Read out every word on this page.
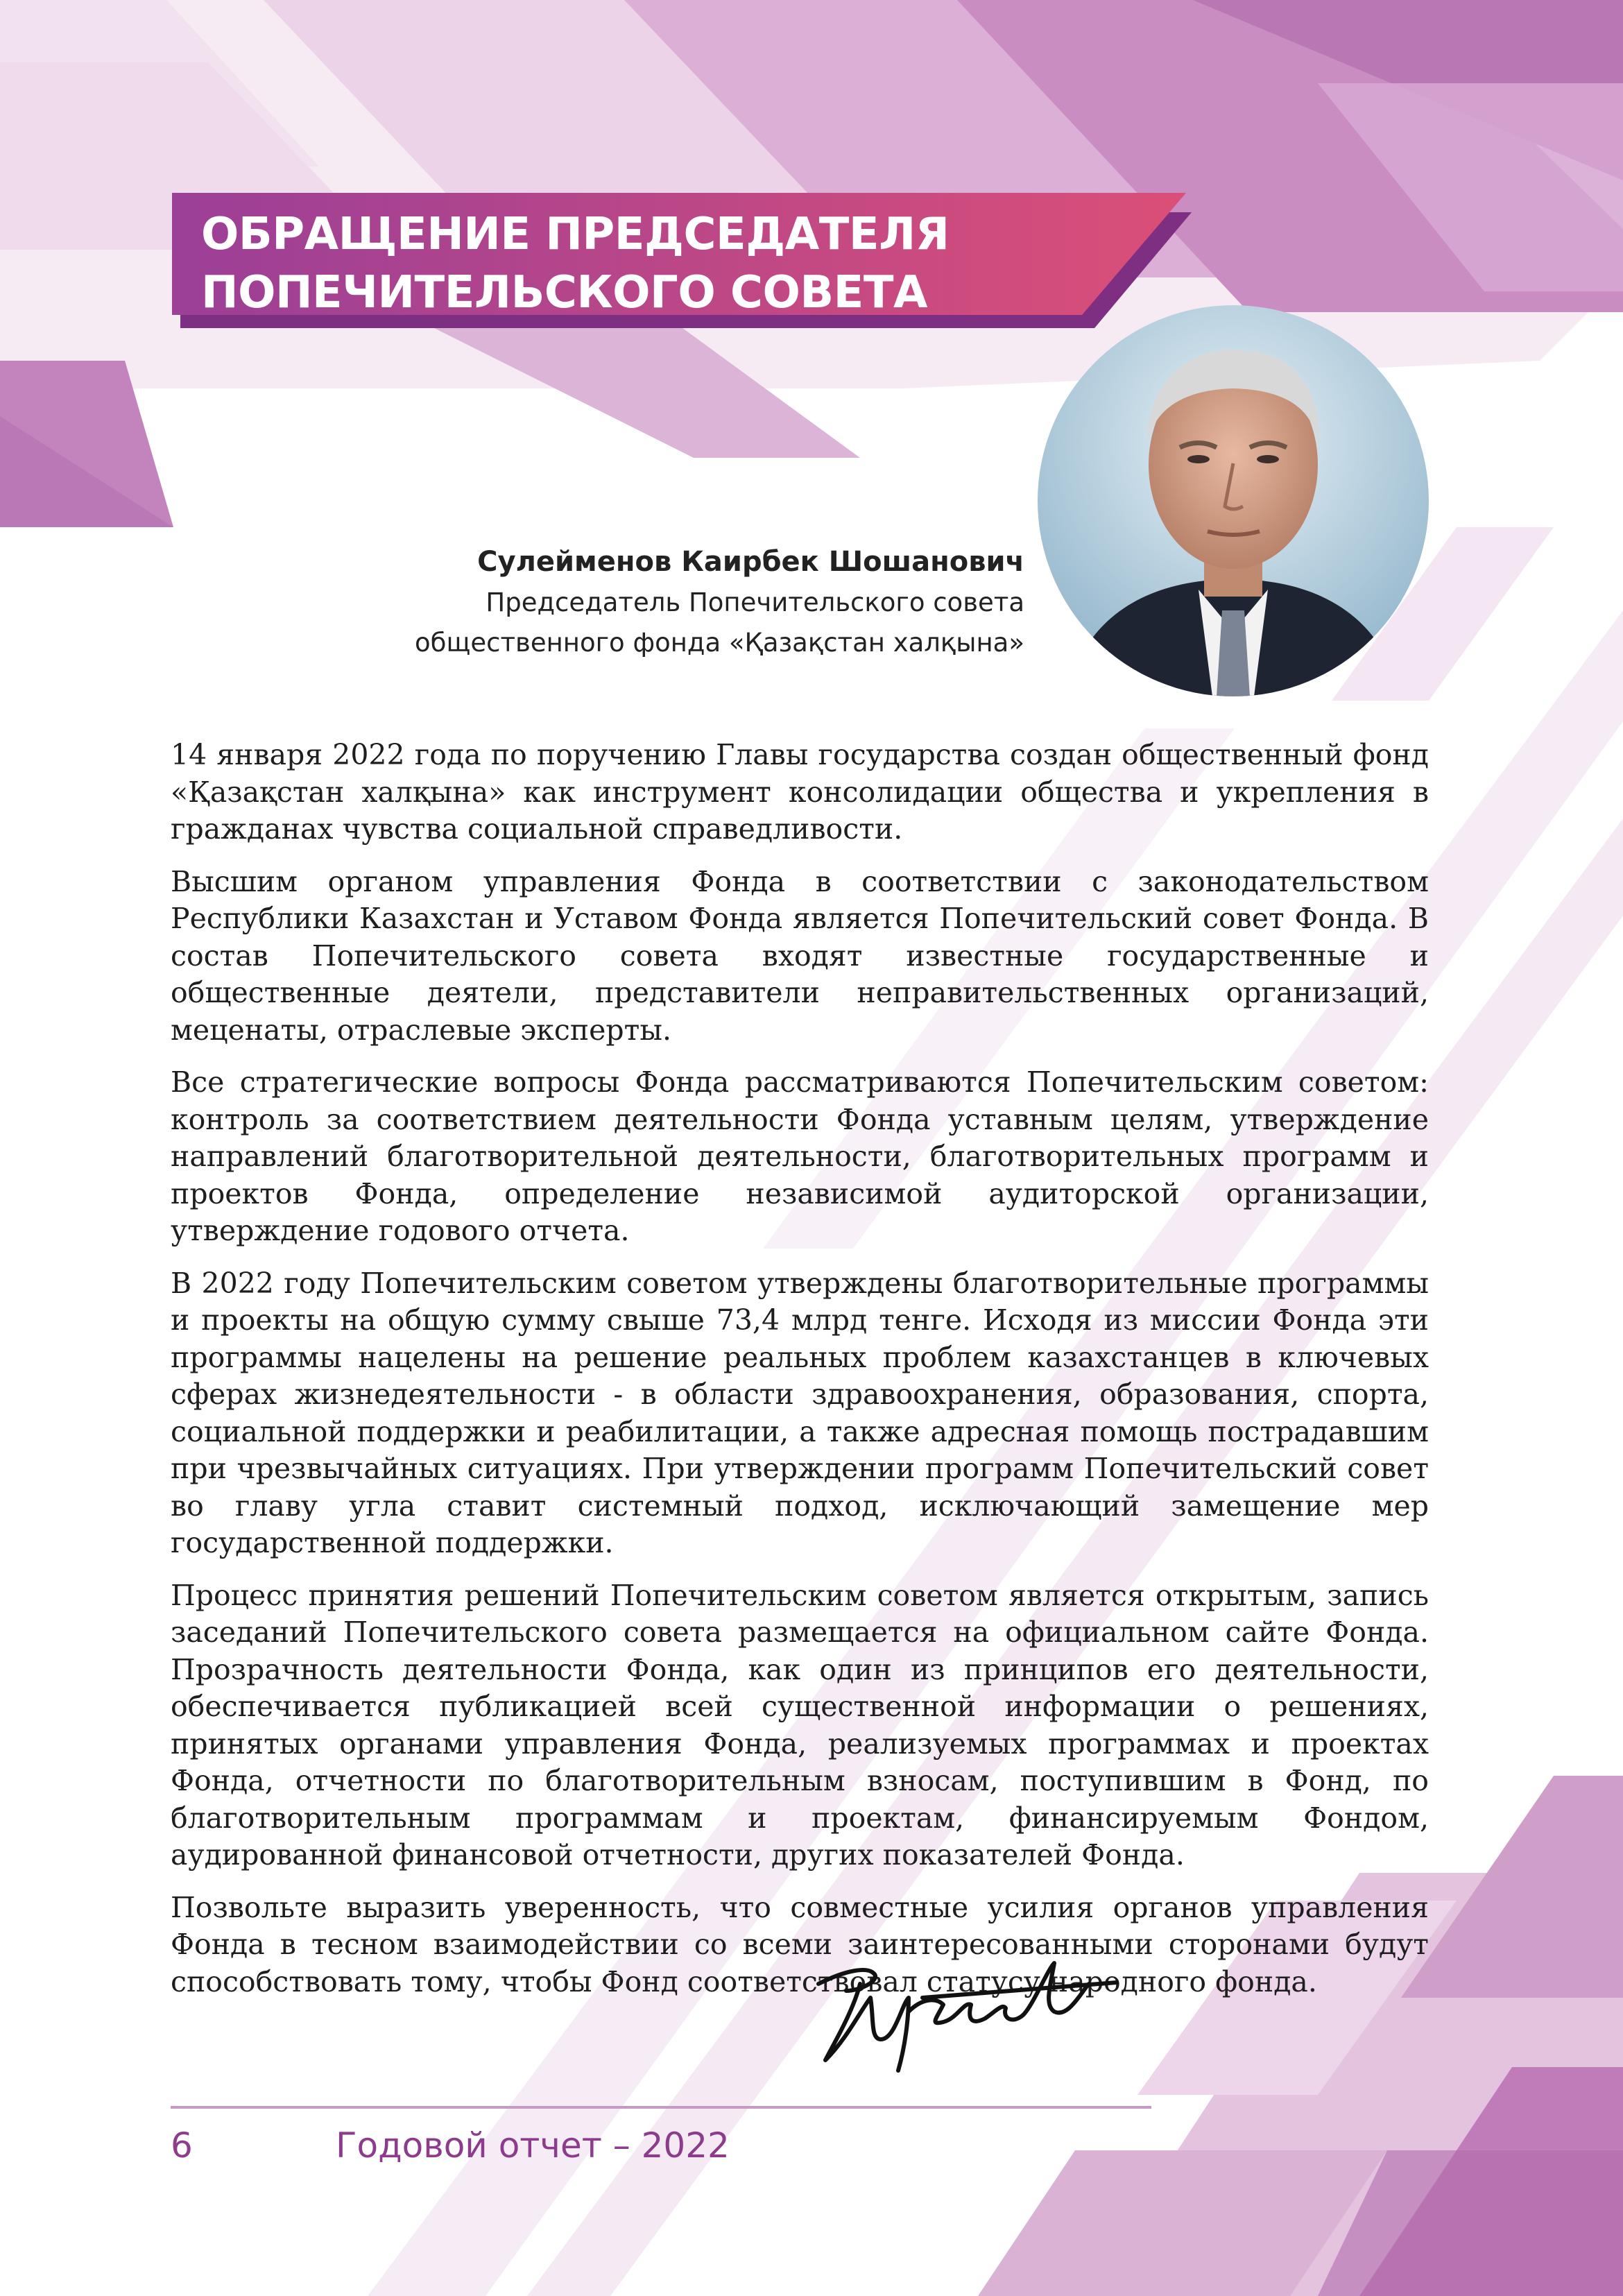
ОБРАЩЕНИЕ ПРЕДСЕДАТЕЛЯ
ПОПЕЧИТЕЛЬСКОГО СОВЕТА
Сулейменов Каирбек Шошанович
Председатель Попечительского совета
общественного фонда «Қазақстан халқына»

14 января 2022 года по поручению Главы государства создан общественный фонд «Қазақстан халқына» как инструмент консолидации общества и укрепления в гражданах чувства социальной справедливости.

Высшим органом управления Фонда в соответствии с законодательством Республики Казахстан и Уставом Фонда является Попечительский совет Фонда. В состав Попечительского совета входят известные государственные и общественные деятели, представители неправительственных организаций, меценаты, отраслевые эксперты.

Все стратегические вопросы Фонда рассматриваются Попечительским советом: контроль за соответствием деятельности Фонда уставным целям, утверждение направлений благотворительной деятельности, благотворительных программ и проектов Фонда, определение независимой аудиторской организации, утверждение годового отчета.

В 2022 году Попечительским советом утверждены благотворительные программы и проекты на общую сумму свыше 73,4 млрд тенге. Исходя из миссии Фонда эти программы нацелены на решение реальных проблем казахстанцев в ключевых сферах жизнедеятельности - в области здравоохранения, образования, спорта, социальной поддержки и реабилитации, а также адресная помощь пострадавшим при чрезвычайных ситуациях. При утверждении программ Попечительский совет во главу угла ставит системный подход, исключающий замещение мер государственной поддержки.

Процесс принятия решений Попечительским советом является открытым, запись заседаний Попечительского совета размещается на официальном сайте Фонда. Прозрачность деятельности Фонда, как один из принципов его деятельности, обеспечивается публикацией всей существенной информации о решениях, принятых органами управления Фонда, реализуемых программах и проектах Фонда, отчетности по благотворительным взносам, поступившим в Фонд, по благотворительным программам и проектам, финансируемым Фондом, аудированной финансовой отчетности, других показателей Фонда.

Позвольте выразить уверенность, что совместные усилия органов управления Фонда в тесном взаимодействии со всеми заинтересованными сторонами будут способствовать тому, чтобы Фонд соответствовал статусу народного фонда.

6	Годовой отчет – 2022
